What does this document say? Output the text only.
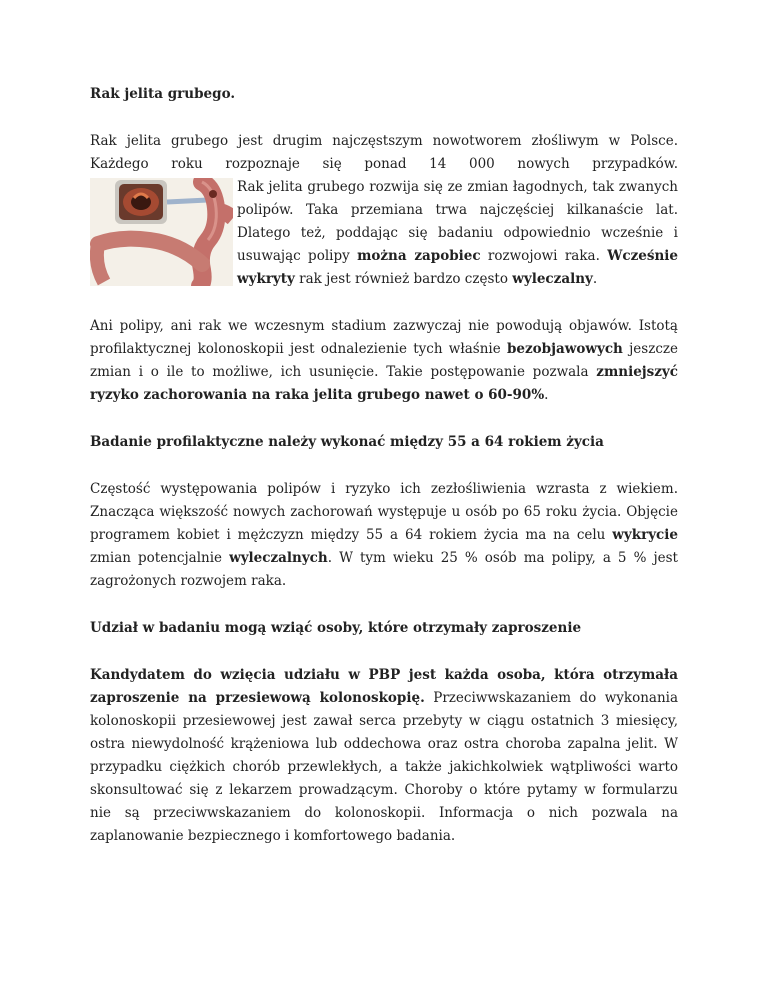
Rak jelita grubego.

Rak jelita grubego jest drugim najczęstszym nowotworem złośliwym w Polsce.
Każdego roku rozpoznaje się ponad 14 000 nowych przypadków.

Rak jelita grubego rozwija się ze zmian łagodnych, tak zwanych polipów. Taka przemiana trwa najczęściej kilkanaście lat. Dlatego też, poddając się badaniu odpowiednio wcześnie i usuwając polipy można zapobiec rozwojowi raka. Wcześnie wykryty rak jest również bardzo często wyleczalny.

Ani polipy, ani rak we wczesnym stadium zazwyczaj nie powodują objawów. Istotą profilaktycznej kolonoskopii jest odnalezienie tych właśnie bezobjawowych jeszcze zmian i o ile to możliwe, ich usunięcie. Takie postępowanie pozwala zmniejszyć ryzyko zachorowania na raka jelita grubego nawet o 60-90%.

Badanie profilaktyczne należy wykonać między 55 a 64 rokiem życia

Częstość występowania polipów i ryzyko ich zezłośliwienia wzrasta z wiekiem. Znacząca większość nowych zachorowań występuje u osób po 65 roku życia. Objęcie programem kobiet i mężczyzn między 55 a 64 rokiem życia ma na celu wykrycie zmian potencjalnie wyleczalnych. W tym wieku 25 % osób ma polipy, a 5 % jest zagrożonych rozwojem raka.

Udział w badaniu mogą wziąć osoby, które otrzymały zaproszenie

Kandydatem do wzięcia udziału w PBP jest każda osoba, która otrzymała zaproszenie na przesiewową kolonoskopię. Przeciwwskazaniem do wykonania kolonoskopii przesiewowej jest zawał serca przebyty w ciągu ostatnich 3 miesięcy, ostra niewydolność krążeniowa lub oddechowa oraz ostra choroba zapalna jelit. W przypadku ciężkich chorób przewlekłych, a także jakichkolwiek wątpliwości warto skonsultować się z lekarzem prowadzącym. Choroby o które pytamy w formularzu nie są przeciwwskazaniem do kolonoskopii. Informacja o nich pozwala na zaplanowanie bezpiecznego i komfortowego badania.
